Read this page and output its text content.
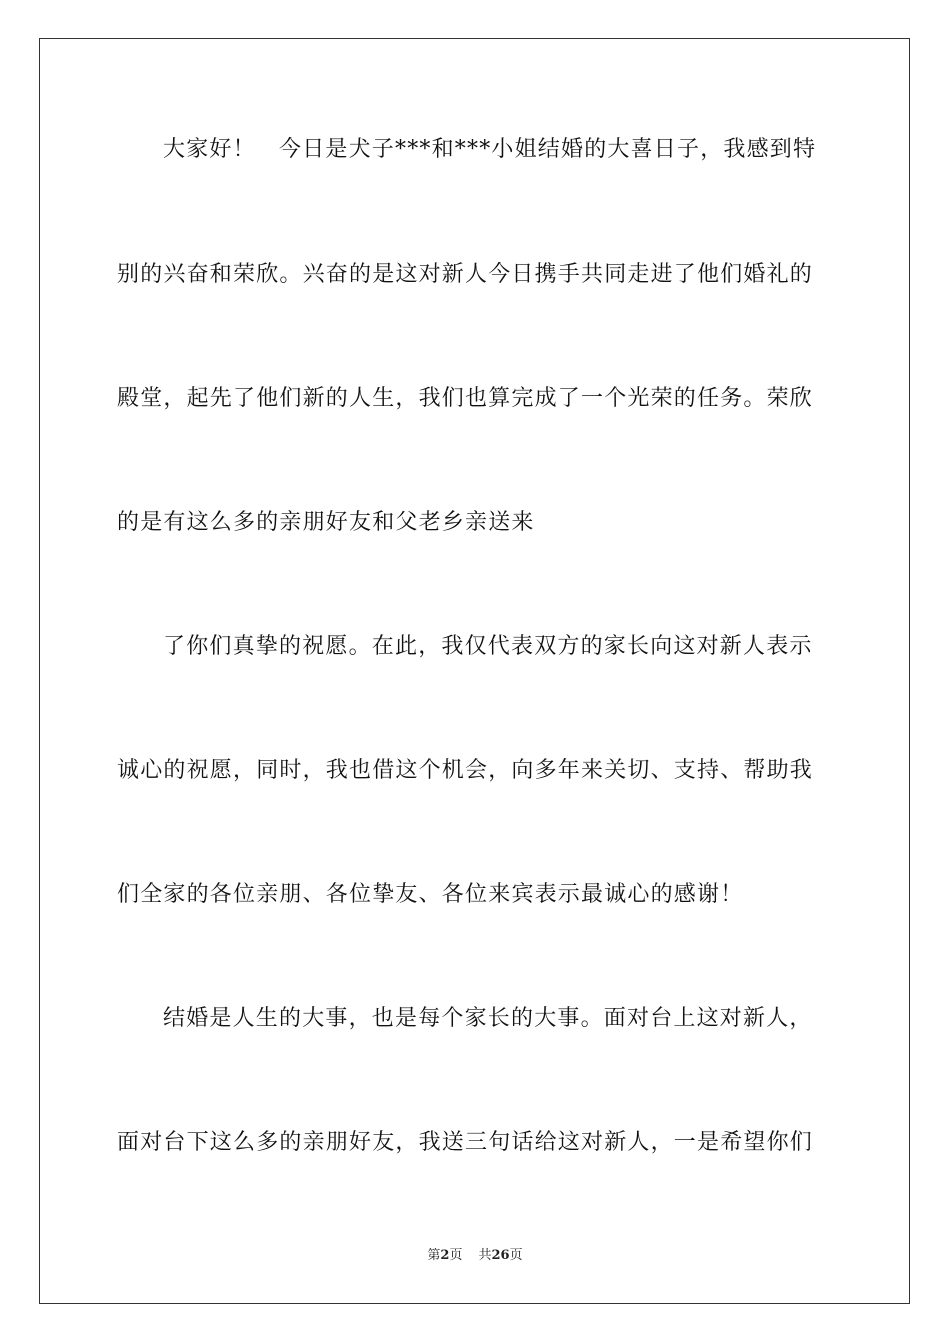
大家好！　今日是犬子***和***小姐结婚的大喜日子，我感到特
别的兴奋和荣欣。兴奋的是这对新人今日携手共同走进了他们婚礼的
殿堂，起先了他们新的人生，我们也算完成了一个光荣的任务。荣欣
的是有这么多的亲朋好友和父老乡亲送来
了你们真挚的祝愿。在此，我仅代表双方的家长向这对新人表示
诚心的祝愿，同时，我也借这个机会，向多年来关切、支持、帮助我
们全家的各位亲朋、各位挚友、各位来宾表示最诚心的感谢！
结婚是人生的大事，也是每个家长的大事。面对台上这对新人，
面对台下这么多的亲朋好友，我送三句话给这对新人，一是希望你们
第2页 共26页
